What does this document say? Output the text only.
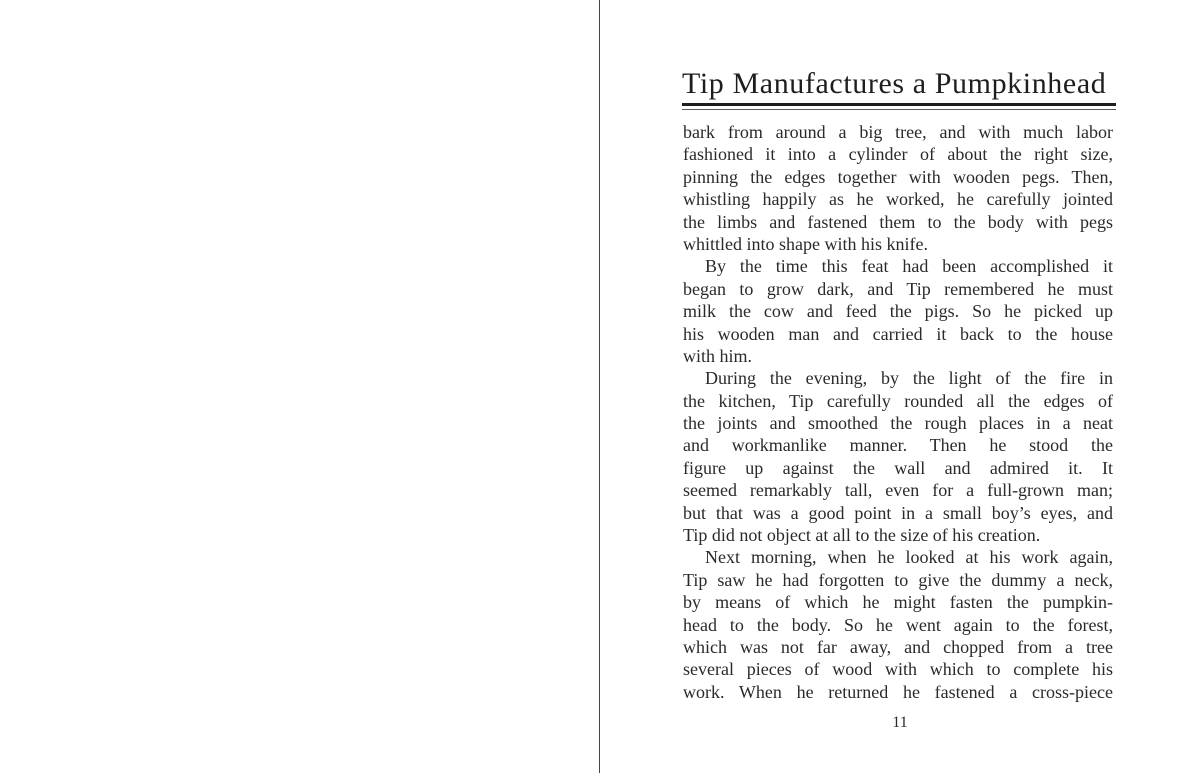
Tip Manufactures a Pumpkinhead
bark from around a big tree, and with much labor
fashioned it into a cylinder of about the right size,
pinning the edges together with wooden pegs. Then,
whistling happily as he worked, he carefully jointed
the limbs and fastened them to the body with pegs
whittled into shape with his knife.
By the time this feat had been accomplished it
began to grow dark, and Tip remembered he must
milk the cow and feed the pigs. So he picked up
his wooden man and carried it back to the house
with him.
During the evening, by the light of the fire in
the kitchen, Tip carefully rounded all the edges of
the joints and smoothed the rough places in a neat
and workmanlike manner. Then he stood the
figure up against the wall and admired it. It
seemed remarkably tall, even for a full-grown man;
but that was a good point in a small boy’s eyes, and
Tip did not object at all to the size of his creation.
Next morning, when he looked at his work again,
Tip saw he had forgotten to give the dummy a neck,
by means of which he might fasten the pumpkin-
head to the body. So he went again to the forest,
which was not far away, and chopped from a tree
several pieces of wood with which to complete his
work. When he returned he fastened a cross-piece
11
